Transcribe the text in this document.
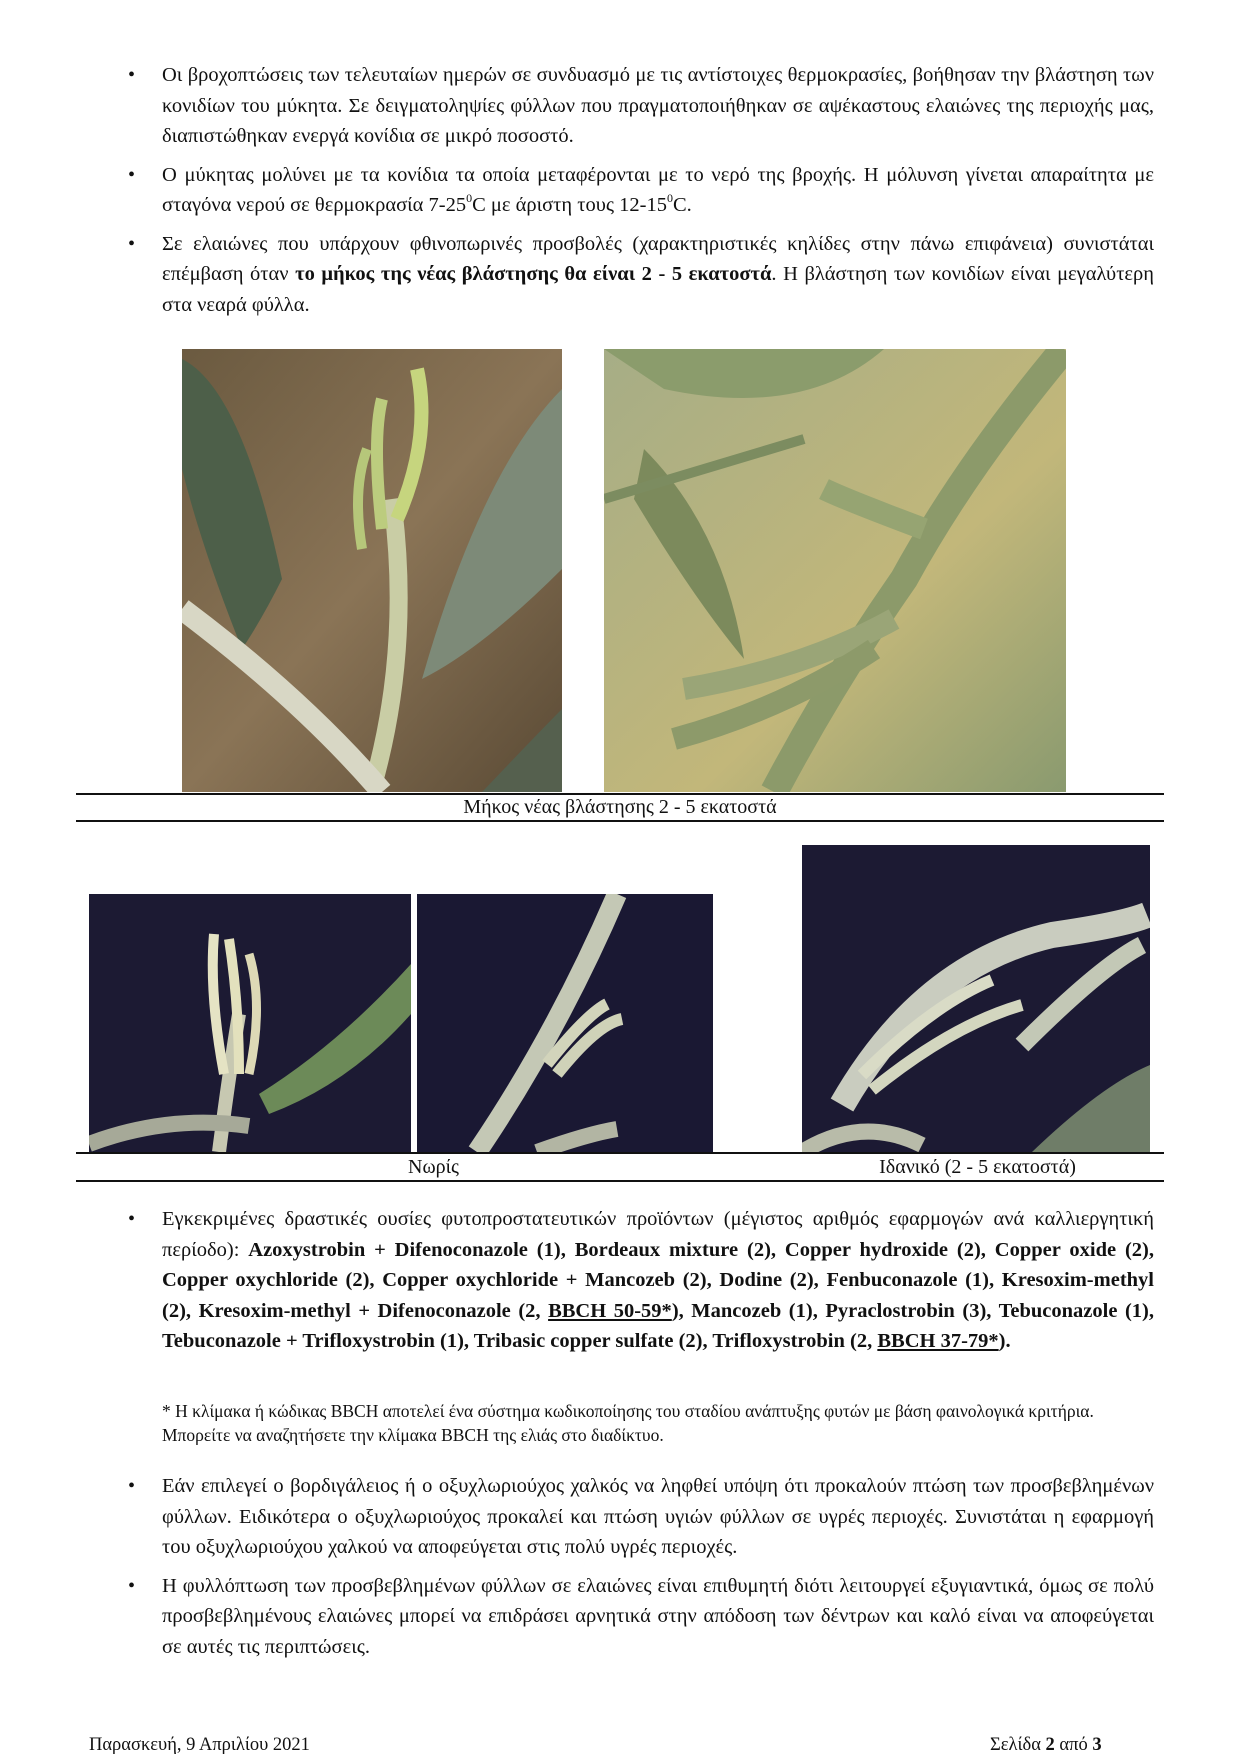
• Οι βροχοπτώσεις των τελευταίων ημερών σε συνδυασμό με τις αντίστοιχες θερμοκρασίες, βοήθησαν την βλάστηση των κονιδίων του μύκητα. Σε δειγματοληψίες φύλλων που πραγματοποιήθηκαν σε αψέκαστους ελαιώνες της περιοχής μας, διαπιστώθηκαν ενεργά κονίδια σε μικρό ποσοστό.
• Ο μύκητας μολύνει με τα κονίδια τα οποία μεταφέρονται με το νερό της βροχής. Η μόλυνση γίνεται απαραίτητα με σταγόνα νερού σε θερμοκρασία $7-25^0C$ με άριστη τους $12-15^0C$.
• Σε ελαιώνες που υπάρχουν φθινοπωρινές προσβολές (χαρακτηριστικές κηλίδες στην πάνω επιφάνεια) συνιστάται επέμβαση όταν το μήκος της νέας βλάστησης θα είναι 2 - 5 εκατοστά. Η βλάστηση των κονιδίων είναι μεγαλύτερη στα νεαρά φύλλα.
Μήκος νέας βλάστησης 2 - 5 εκατοστά
Νωρίς	Ιδανικό (2 - 5 εκατοστά)
• Εγκεκριμένες δραστικές ουσίες φυτοπροστατευτικών προϊόντων (μέγιστος αριθμός εφαρμογών ανά καλλιεργητική περίοδο): Azoxystrobin + Difenoconazole (1), Bordeaux mixture (2), Copper hydroxide (2), Copper oxide (2), Copper oxychloride (2), Copper oxychloride + Mancozeb (2), Dodine (2), Fenbuconazole (1), Kresoxim-methyl (2), Kresoxim-methyl + Difenoconazole (2, BBCH 50-59*), Mancozeb (1), Pyraclostrobin (3), Tebuconazole (1), Tebuconazole + Trifloxystrobin (1), Tribasic copper sulfate (2), Trifloxystrobin (2, BBCH 37-79*).
* Η κλίμακα ή κώδικας BBCH αποτελεί ένα σύστημα κωδικοποίησης του σταδίου ανάπτυξης φυτών με βάση φαινολογικά κριτήρια. Μπορείτε να αναζητήσετε την κλίμακα BBCH της ελιάς στο διαδίκτυο.
• Εάν επιλεγεί ο βορδιγάλειος ή ο οξυχλωριούχος χαλκός να ληφθεί υπόψη ότι προκαλούν πτώση των προσβεβλημένων φύλλων. Ειδικότερα ο οξυχλωριούχος προκαλεί και πτώση υγιών φύλλων σε υγρές περιοχές. Συνιστάται η εφαρμογή του οξυχλωριούχου χαλκού να αποφεύγεται στις πολύ υγρές περιοχές.
• Η φυλλόπτωση των προσβεβλημένων φύλλων σε ελαιώνες είναι επιθυμητή διότι λειτουργεί εξυγιαντικά, όμως σε πολύ προσβεβλημένους ελαιώνες μπορεί να επιδράσει αρνητικά στην απόδοση των δέντρων και καλό είναι να αποφεύγεται σε αυτές τις περιπτώσεις.
Παρασκευή, 9 Απριλίου 2021	Σελίδα 2 από 3
